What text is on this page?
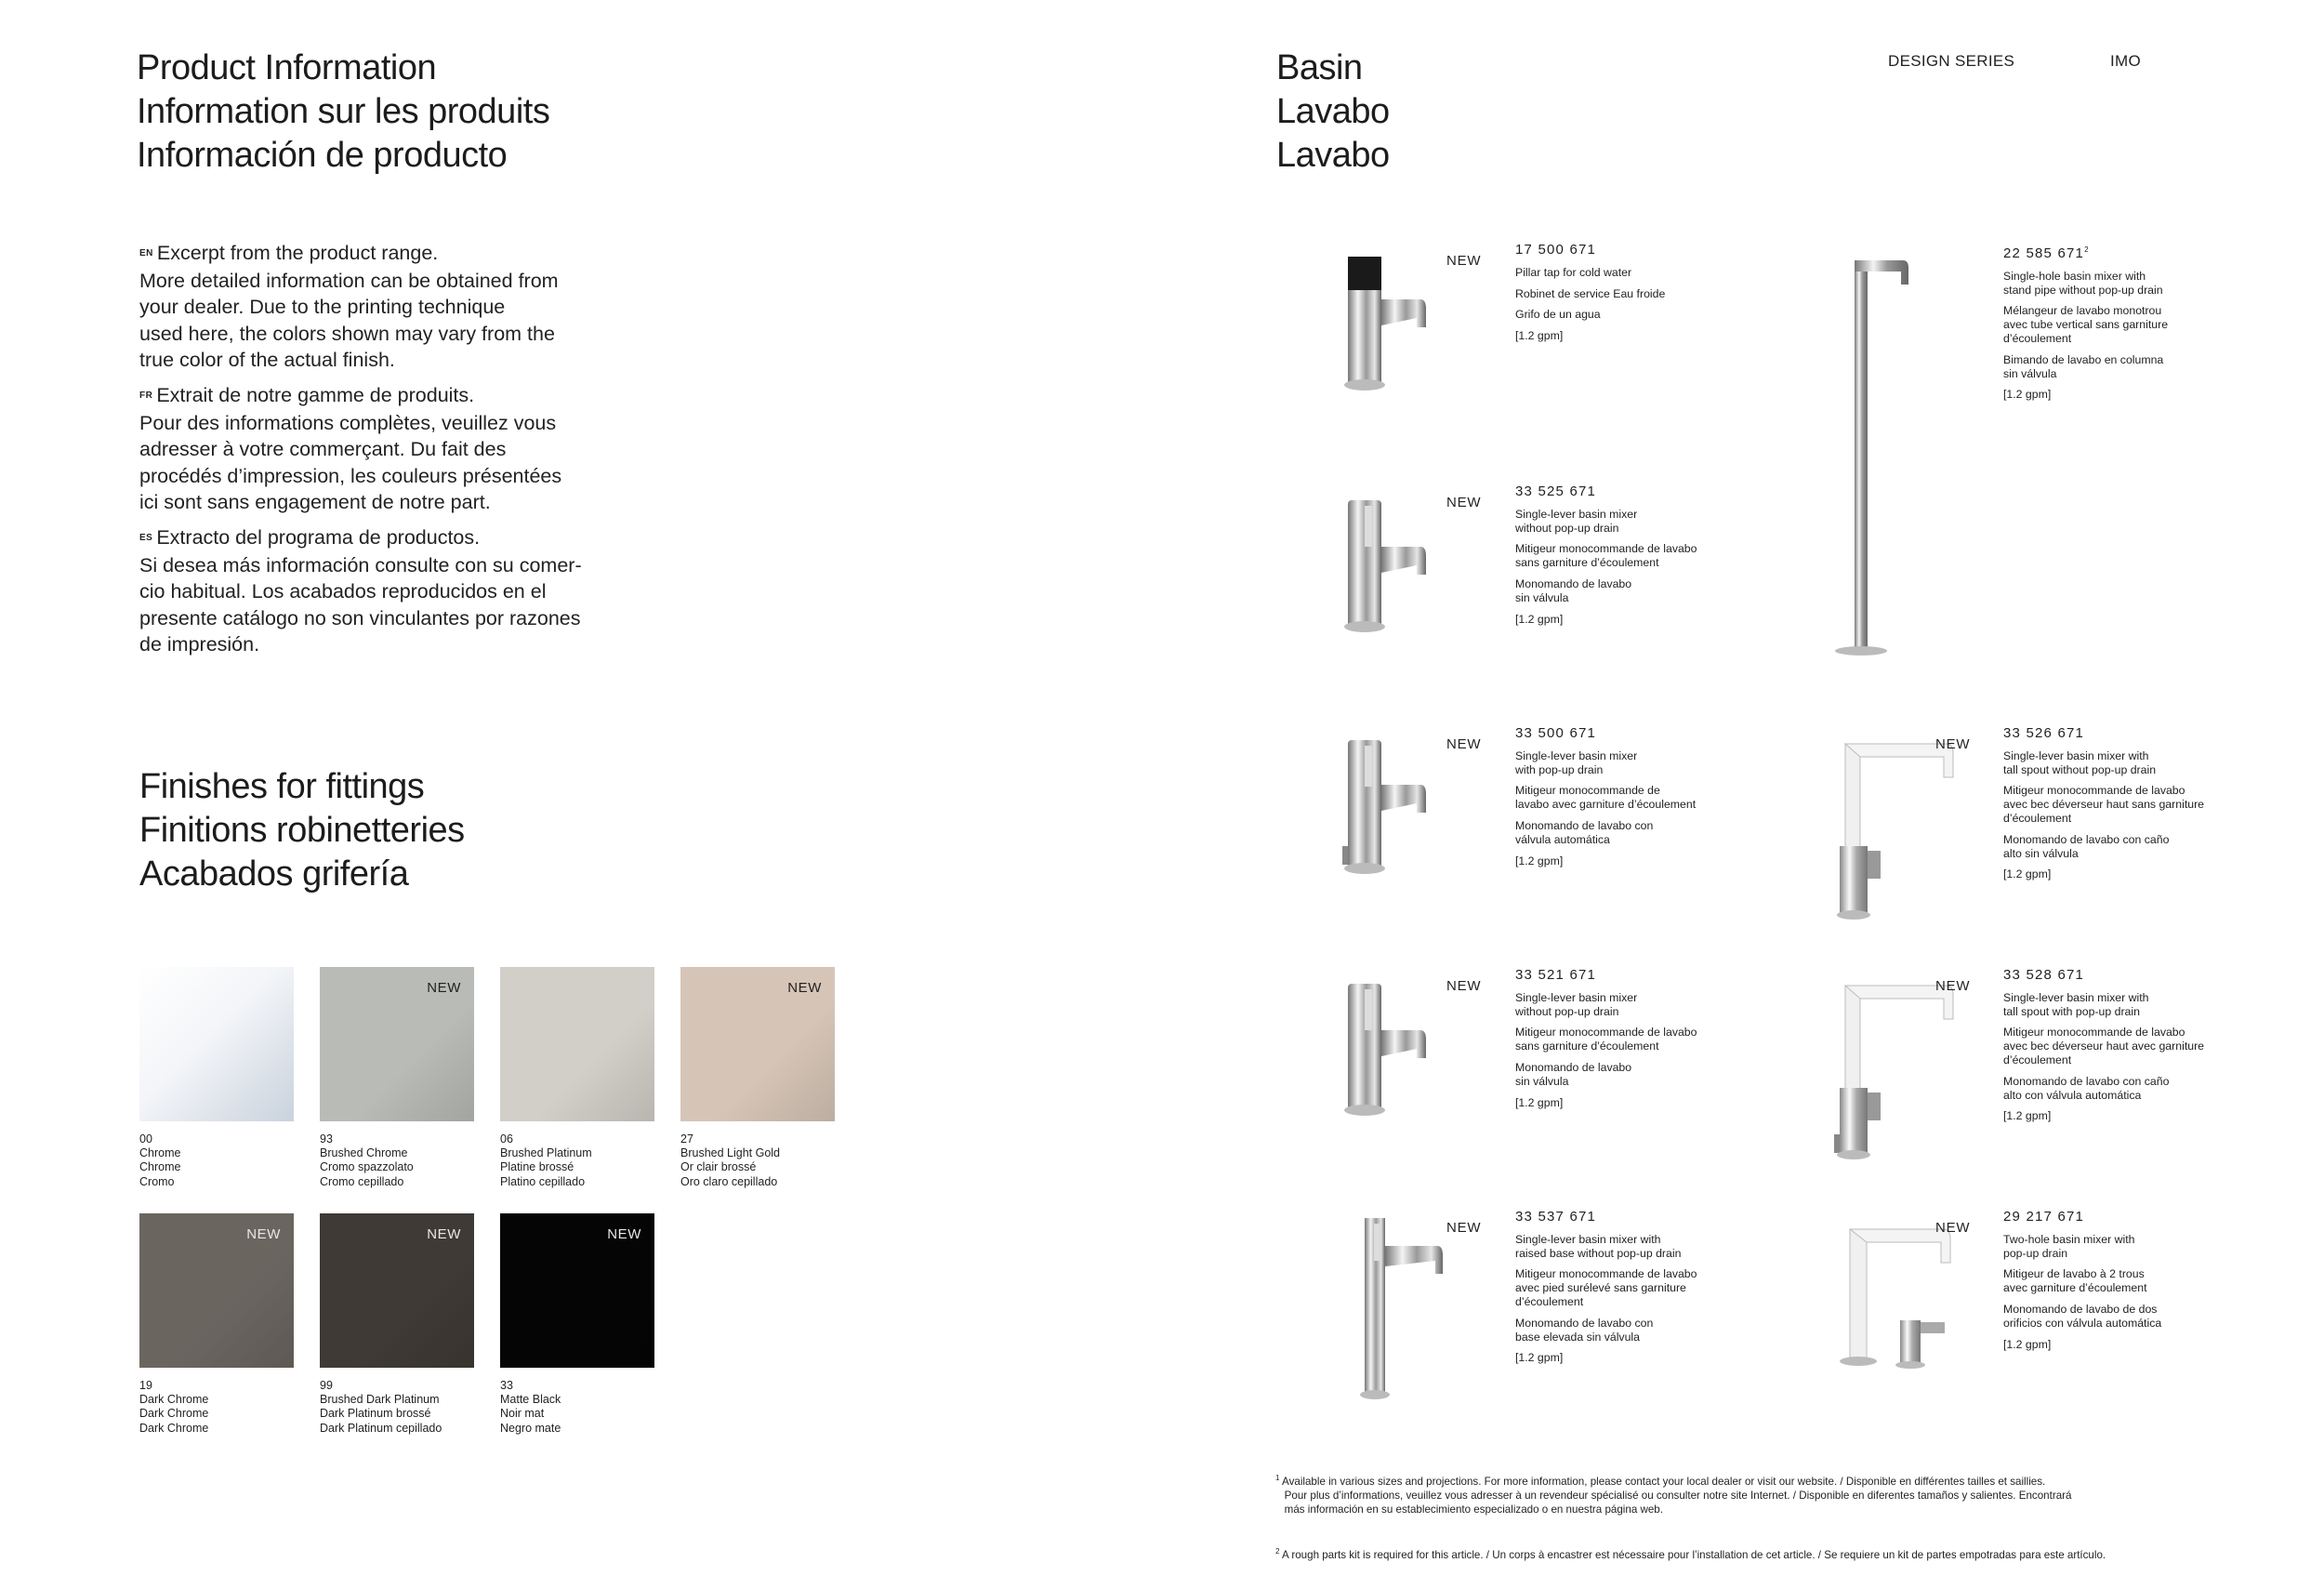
Product Information
Information sur les produits
Información de producto

EN Excerpt from the product range.
More detailed information can be obtained from
your dealer. Due to the printing technique
used here, the colors shown may vary from the
true color of the actual finish.

FR Extrait de notre gamme de produits.
Pour des informations complètes, veuillez vous
adresser à votre commerçant. Du fait des
procédés d’impression, les couleurs présentées
ici sont sans engagement de notre part.

ES Extracto del programa de productos.
Si desea más información consulte con su comer-
cio habitual. Los acabados reproducidos en el
presente catálogo no son vinculantes por razones
de impresión.

Finishes for fittings
Finitions robinetteries
Acabados grifería
00
Chrome
Chrome
Cromo
NEW
93
Brushed Chrome
Cromo spazzolato
Cromo cepillado
06
Brushed Platinum
Platine brossé
Platino cepillado
NEW
27
Brushed Light Gold
Or clair brossé
Oro claro cepillado
NEW
19
Dark Chrome
Dark Chrome
Dark Chrome
NEW
99
Brushed Dark Platinum
Dark Platinum brossé
Dark Platinum cepillado
NEW
33
Matte Black
Noir mat
Negro mate
Basin
Lavabo
Lavabo
DESIGN SERIES	IMO
NEW
17 500 671
Pillar tap for cold water
Robinet de service Eau froide
Grifo de un agua
[1.2 gpm]
22 585 $671^2$
Single-hole basin mixer with
stand pipe without pop-up drain
Mélangeur de lavabo monotrou
avec tube vertical sans garniture
d’écoulement
Bimando de lavabo en columna
sin válvula
[1.2 gpm]
NEW
33 525 671
Single-lever basin mixer
without pop-up drain
Mitigeur monocommande de lavabo
sans garniture d’écoulement
Monomando de lavabo
sin válvula
[1.2 gpm]
NEW
33 500 671
Single-lever basin mixer
with pop-up drain
Mitigeur monocommande de
lavabo avec garniture d’écoulement
Monomando de lavabo con
válvula automática
[1.2 gpm]
NEW
33 526 671
Single-lever basin mixer with
tall spout without pop-up drain
Mitigeur monocommande de lavabo
avec bec déverseur haut sans garniture
d’écoulement
Monomando de lavabo con caño
alto sin válvula
[1.2 gpm]
NEW
33 521 671
Single-lever basin mixer
without pop-up drain
Mitigeur monocommande de lavabo
sans garniture d’écoulement
Monomando de lavabo
sin válvula
[1.2 gpm]
NEW
33 528 671
Single-lever basin mixer with
tall spout with pop-up drain
Mitigeur monocommande de lavabo
avec bec déverseur haut avec garniture
d’écoulement
Monomando de lavabo con caño
alto con válvula automática
[1.2 gpm]
NEW
33 537 671
Single-lever basin mixer with
raised base without pop-up drain
Mitigeur monocommande de lavabo
avec pied surélevé sans garniture
d’écoulement
Monomando de lavabo con
base elevada sin válvula
[1.2 gpm]
NEW
29 217 671
Two-hole basin mixer with
pop-up drain
Mitigeur de lavabo à 2 trous
avec garniture d’écoulement
Monomando de lavabo de dos
orificios con válvula automática
[1.2 gpm]

$^1$ Available in various sizes and projections. For more information, please contact your local dealer or visit our website. / Disponible en différentes tailles et saillies.
Pour plus d’informations, veuillez vous adresser à un revendeur spécialisé ou consulter notre site Internet. / Disponible en diferentes tamaños y salientes. Encontrará
más información en su establecimiento especializado o en nuestra página web.

$^2$ A rough parts kit is required for this article. / Un corps à encastrer est nécessaire pour l’installation de cet article. / Se requiere un kit de partes empotradas para este artículo.
